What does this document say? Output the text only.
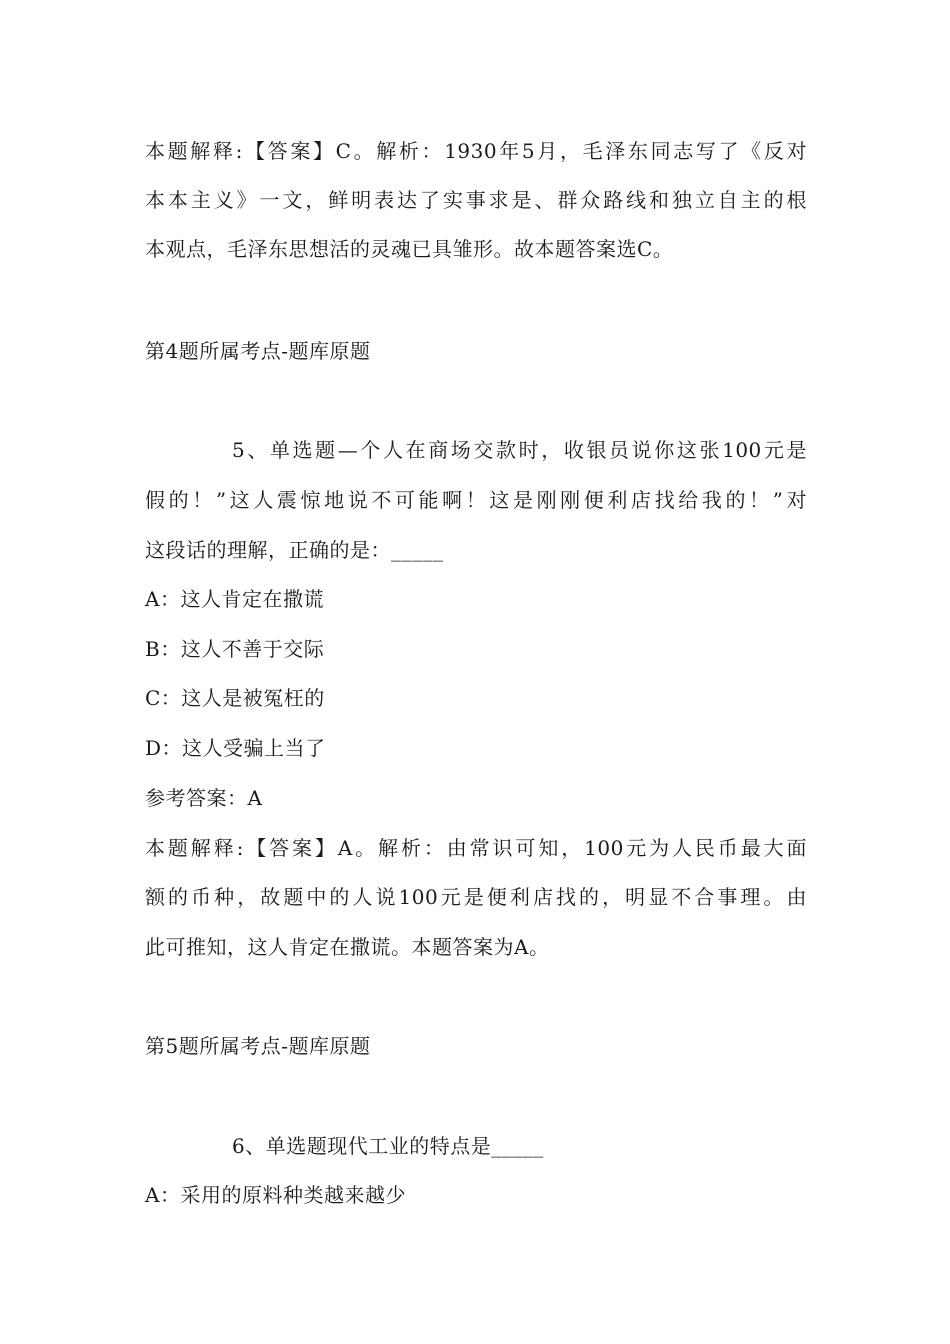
本题解释:【答案】C。解析：1930年5月，毛泽东同志写了《反对
本本主义》一文，鲜明表达了实事求是、群众路线和独立自主的根
本观点，毛泽东思想活的灵魂已具雏形。故本题答案选C。
第4题所属考点-题库原题
5、单选题—个人在商场交款时，收银员说你这张100元是
假的！”这人震惊地说不可能啊！这是刚刚便利店找给我的！”对
这段话的理解，正确的是：_____
A：这人肯定在撒谎
B：这人不善于交际
C：这人是被冤枉的
D：这人受骗上当了
参考答案：A
本题解释:【答案】A。解析：由常识可知，100元为人民币最大面
额的币种，故题中的人说100元是便利店找的，明显不合事理。由
此可推知，这人肯定在撒谎。本题答案为A。
第5题所属考点-题库原题
6、单选题现代工业的特点是_____
A：采用的原料种类越来越少
